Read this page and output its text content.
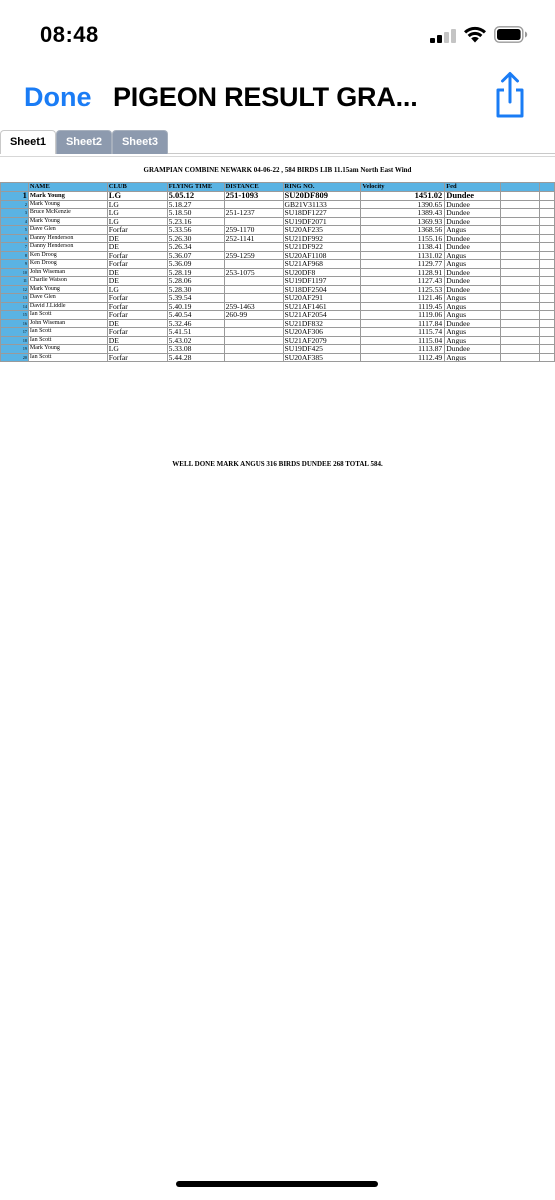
08:48
Done PIGEON RESULT GRA...
Sheet1	Sheet2	Sheet3
GRAMPIAN COMBINE NEWARK 04-06-22 , 584 BIRDS LIB 11.15am North East Wind
	NAME	CLUB	FLYING TIME	DISTANCE	RING NO.	Velocity	Fed		
1	Mark Young	LG	5.05.12	251-1093	SU20DF809	1451.02	Dundee		
2	Mark Young	LG	5.18.27		GB21V31133	1390.65	Dundee		
3	Bruce McKenzie	LG	5.18.50	251-1237	SU18DF1227	1389.43	Dundee		
4	Mark Young	LG	5.23.16		SU19DF2071	1369.93	Dundee		
5	Dave Glen	Forfar	5.33.56	259-1170	SU20AF235	1368.56	Angus		
6	Danny Henderson	DE	5.26.30	252-1141	SU21DF992	1155.16	Dundee		
7	Danny Henderson	DE	5.26.34		SU21DF922	1138.41	Dundee		
8	Ken Droog	Forfar	5.36.07	259-1259	SU20AF1108	1131.02	Angus		
9	Ken Droog	Forfar	5.36.09		SU21AF968	1129.77	Angus		
10	John Wiseman	DE	5.28.19	253-1075	SU20DF8	1128.91	Dundee		
11	Charlie Watson	DE	5.28.06		SU19DF1197	1127.43	Dundee		
12	Mark Young	LG	5.28.30		SU18DF2504	1125.53	Dundee		
13	Dave Glen	Forfar	5.39.54		SU20AF291	1121.46	Angus		
14	David J.Liddle	Forfar	5.40.19	259-1463	SU21AF1461	1119.45	Angus		
15	Ian Scott	Forfar	5.40.54	260-99	SU21AF2054	1119.06	Angus		
16	John Wiseman	DE	5.32.46		SU21DF832	1117.84	Dundee		
17	Ian Scott	Forfar	5.41.51		SU20AF306	1115.74	Angus		
18	Ian Scott	DE	5.43.02		SU21AF2079	1115.04	Angus		
19	Mark Young	LG	5.33.08		SU19DF425	1113.87	Dundee		
20	Ian Scott	Forfar	5.44.28		SU20AF385	1112.49	Angus		
WELL DONE MARK ANGUS 316 BIRDS DUNDEE 268 TOTAL 584.
